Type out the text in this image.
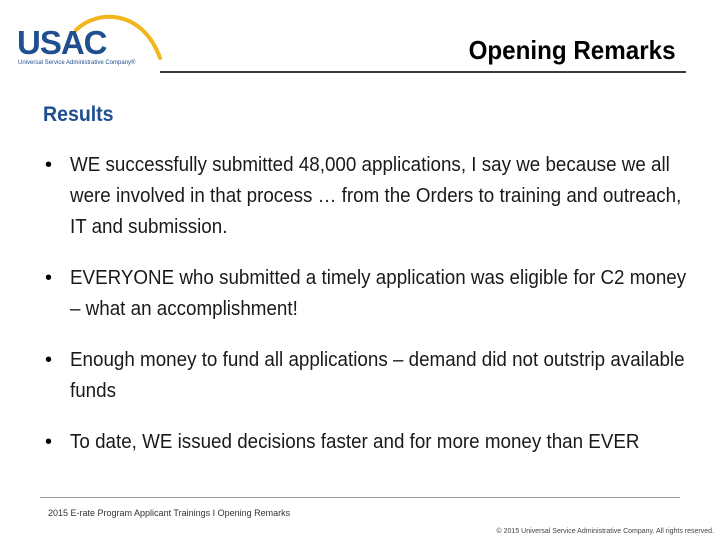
USAC
Universal Service Administrative Company®	Opening Remarks
Results
• WE successfully submitted 48,000 applications, I say we because we all were involved in that process … from the Orders to training and outreach, IT and submission.
• EVERYONE who submitted a timely application was eligible for C2 money – what an accomplishment!
• Enough money to fund all applications – demand did not outstrip available funds
• To date, WE issued decisions faster and for more money than EVER
2015 E-rate Program Applicant Trainings I Opening Remarks
© 2015 Universal Service Administrative Company. All rights reserved.
